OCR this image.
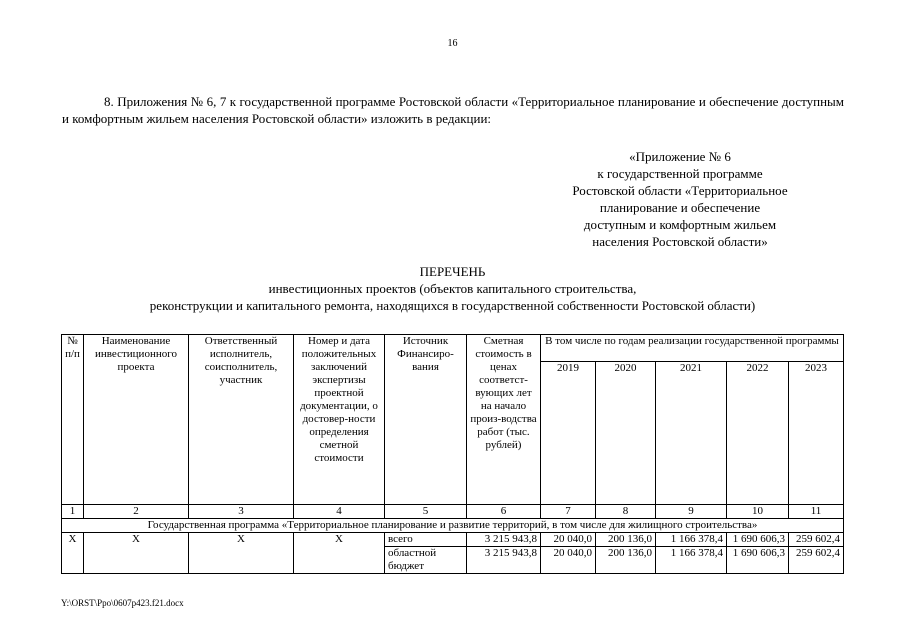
16
8. Приложения № 6, 7 к государственной программе Ростовской области «Территориальное планирование и обеспечение доступным и комфортным жильем населения Ростовской области» изложить в редакции:
«Приложение № 6
к государственной программе
Ростовской области «Территориальное
планирование и обеспечение
доступным и комфортным жильем
населения Ростовской области»
ПЕРЕЧЕНЬ
инвестиционных проектов (объектов капитального строительства,
реконструкции и капитального ремонта, находящихся в государственной собственности Ростовской области)
№ п/п	Наименование инвестиционного проекта	Ответственный исполнитель, соисполнитель, участник	Номер и дата положительных заключений экспертизы проектной документации, о достовер-ности определения сметной стоимости	Источник Финансиро-вания	Сметная стоимость в ценах соответст-вующих лет на начало произ-водства работ (тыс. рублей)	В том числе по годам реализации государственной программы				
						2019	2020	2021	2022	2023
1	2	3	4	5	6	7	8	9	10	11
Государственная программа «Территориальное планирование и развитие территорий, в том числе для жилищного строительства»										
Х	Х	Х	Х	всего	3 215 943,8	20 040,0	200 136,0	1 166 378,4	1 690 606,3	259 602,4
				областной бюджет	3 215 943,8	20 040,0	200 136,0	1 166 378,4	1 690 606,3	259 602,4
Y:\ORST\Ppo\0607p423.f21.docx
